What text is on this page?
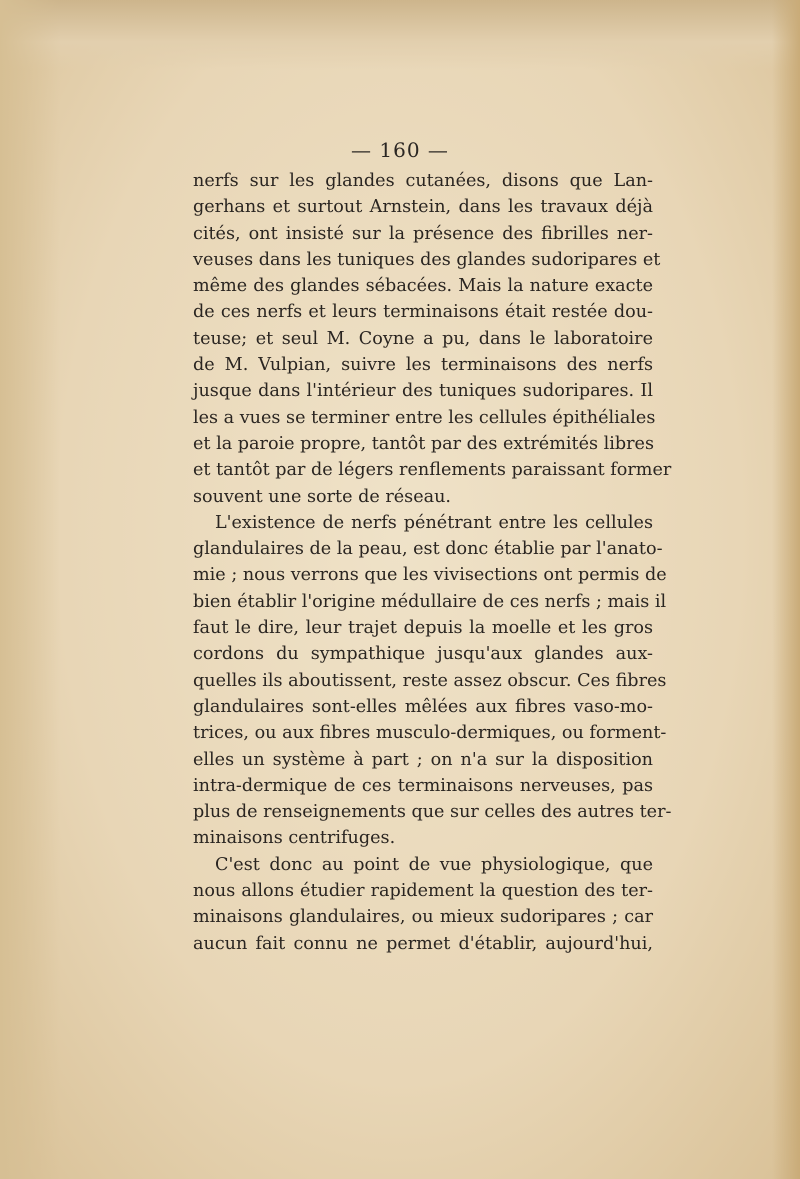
— 160 —
nerfs sur les glandes cutanées, disons que Lan-
gerhans et surtout Arnstein, dans les travaux déjà
cités, ont insisté sur la présence des fibrilles ner-
veuses dans les tuniques des glandes sudoripares et
même des glandes sébacées. Mais la nature exacte
de ces nerfs et leurs terminaisons était restée dou-
teuse; et seul M. Coyne a pu, dans le laboratoire
de M. Vulpian, suivre les terminaisons des nerfs
jusque dans l'intérieur des tuniques sudoripares. Il
les a vues se terminer entre les cellules épithéliales
et la paroie propre, tantôt par des extrémités libres
et tantôt par de légers renflements paraissant former
souvent une sorte de réseau.
L'existence de nerfs pénétrant entre les cellules
glandulaires de la peau, est donc établie par l'anato-
mie ; nous verrons que les vivisections ont permis de
bien établir l'origine médullaire de ces nerfs ; mais il
faut le dire, leur trajet depuis la moelle et les gros
cordons du sympathique jusqu'aux glandes aux-
quelles ils aboutissent, reste assez obscur. Ces fibres
glandulaires sont-elles mêlées aux fibres vaso-mo-
trices, ou aux fibres musculo-dermiques, ou forment-
elles un système à part ; on n'a sur la disposition
intra-dermique de ces terminaisons nerveuses, pas
plus de renseignements que sur celles des autres ter-
minaisons centrifuges.
C'est donc au point de vue physiologique, que
nous allons étudier rapidement la question des ter-
minaisons glandulaires, ou mieux sudoripares ; car
aucun fait connu ne permet d'établir, aujourd'hui,
